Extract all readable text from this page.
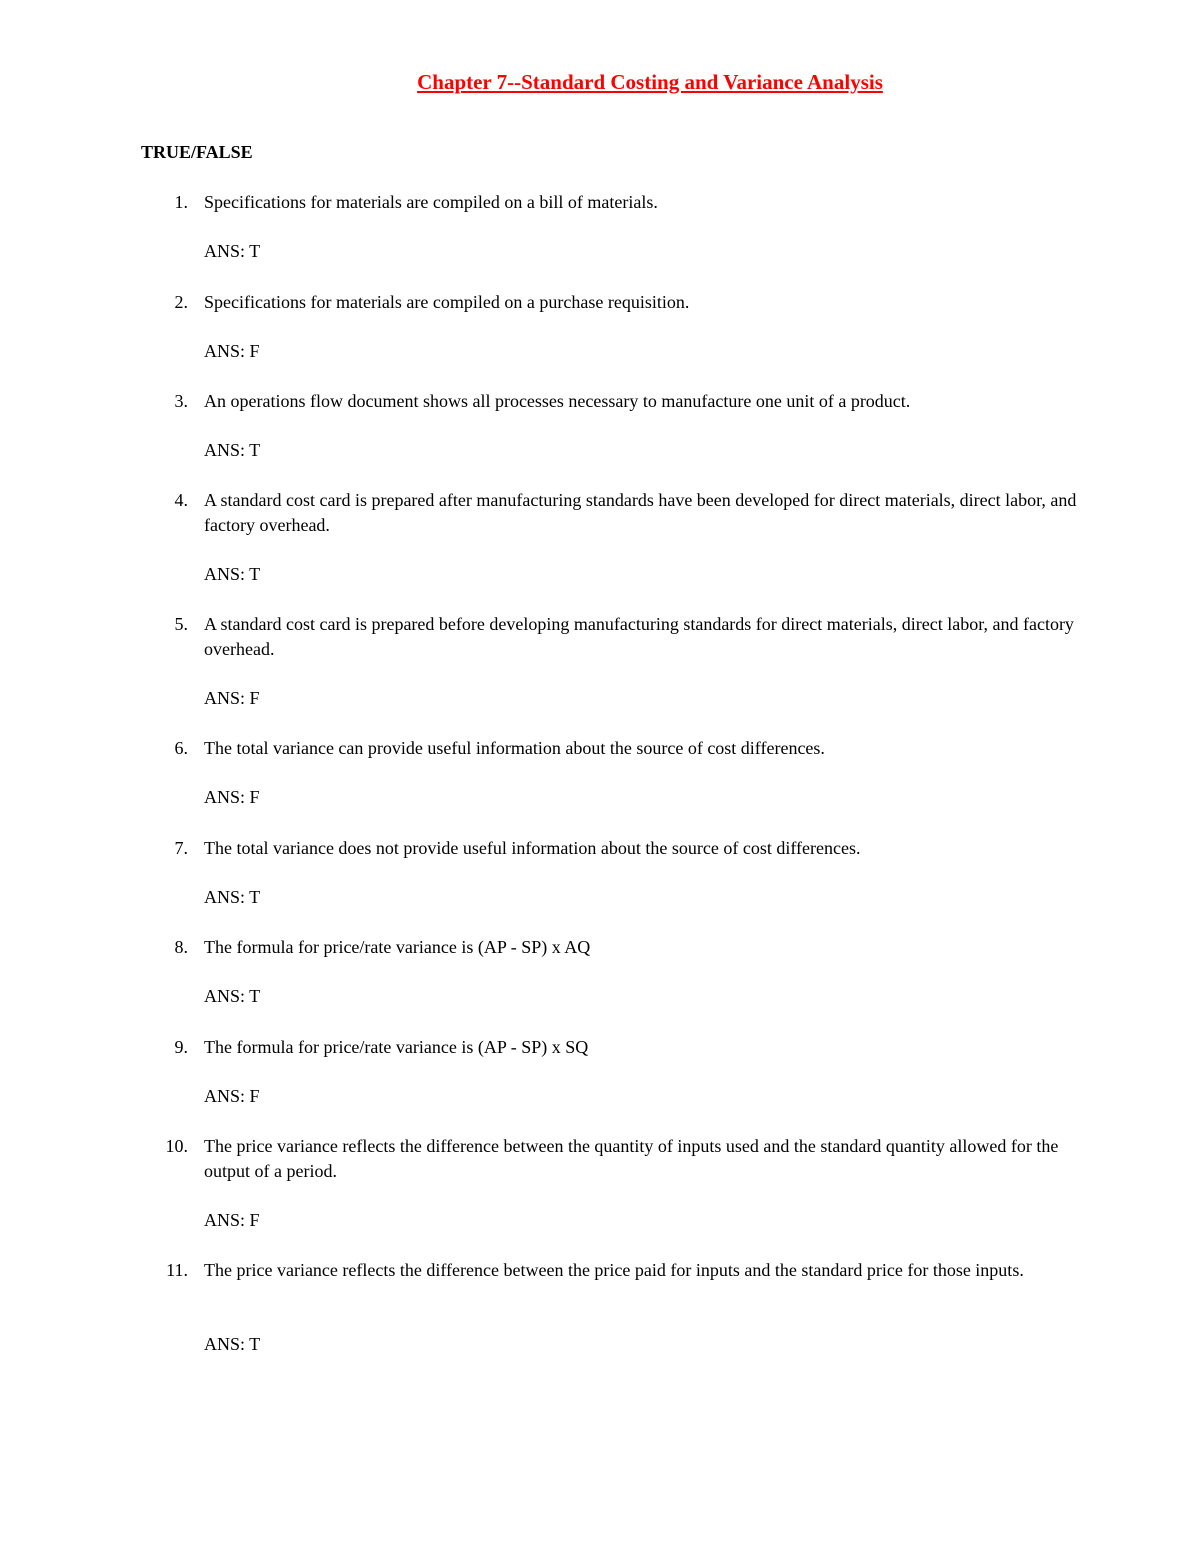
Chapter 7--Standard Costing and Variance Analysis
TRUE/FALSE
1. Specifications for materials are compiled on a bill of materials.
ANS: T
2. Specifications for materials are compiled on a purchase requisition.
ANS: F
3. An operations flow document shows all processes necessary to manufacture one unit of a product.
ANS: T
4. A standard cost card is prepared after manufacturing standards have been developed for direct materials, direct labor, and factory overhead.
ANS: T
5. A standard cost card is prepared before developing manufacturing standards for direct materials, direct labor, and factory overhead.
ANS: F
6. The total variance can provide useful information about the source of cost differences.
ANS: F
7. The total variance does not provide useful information about the source of cost differences.
ANS: T
8. The formula for price/rate variance is (AP - SP) x AQ
ANS: T
9. The formula for price/rate variance is (AP - SP) x SQ
ANS: F
10. The price variance reflects the difference between the quantity of inputs used and the standard quantity allowed for the output of a period.
ANS: F
11. The price variance reflects the difference between the price paid for inputs and the standard price for those inputs.
ANS: T
